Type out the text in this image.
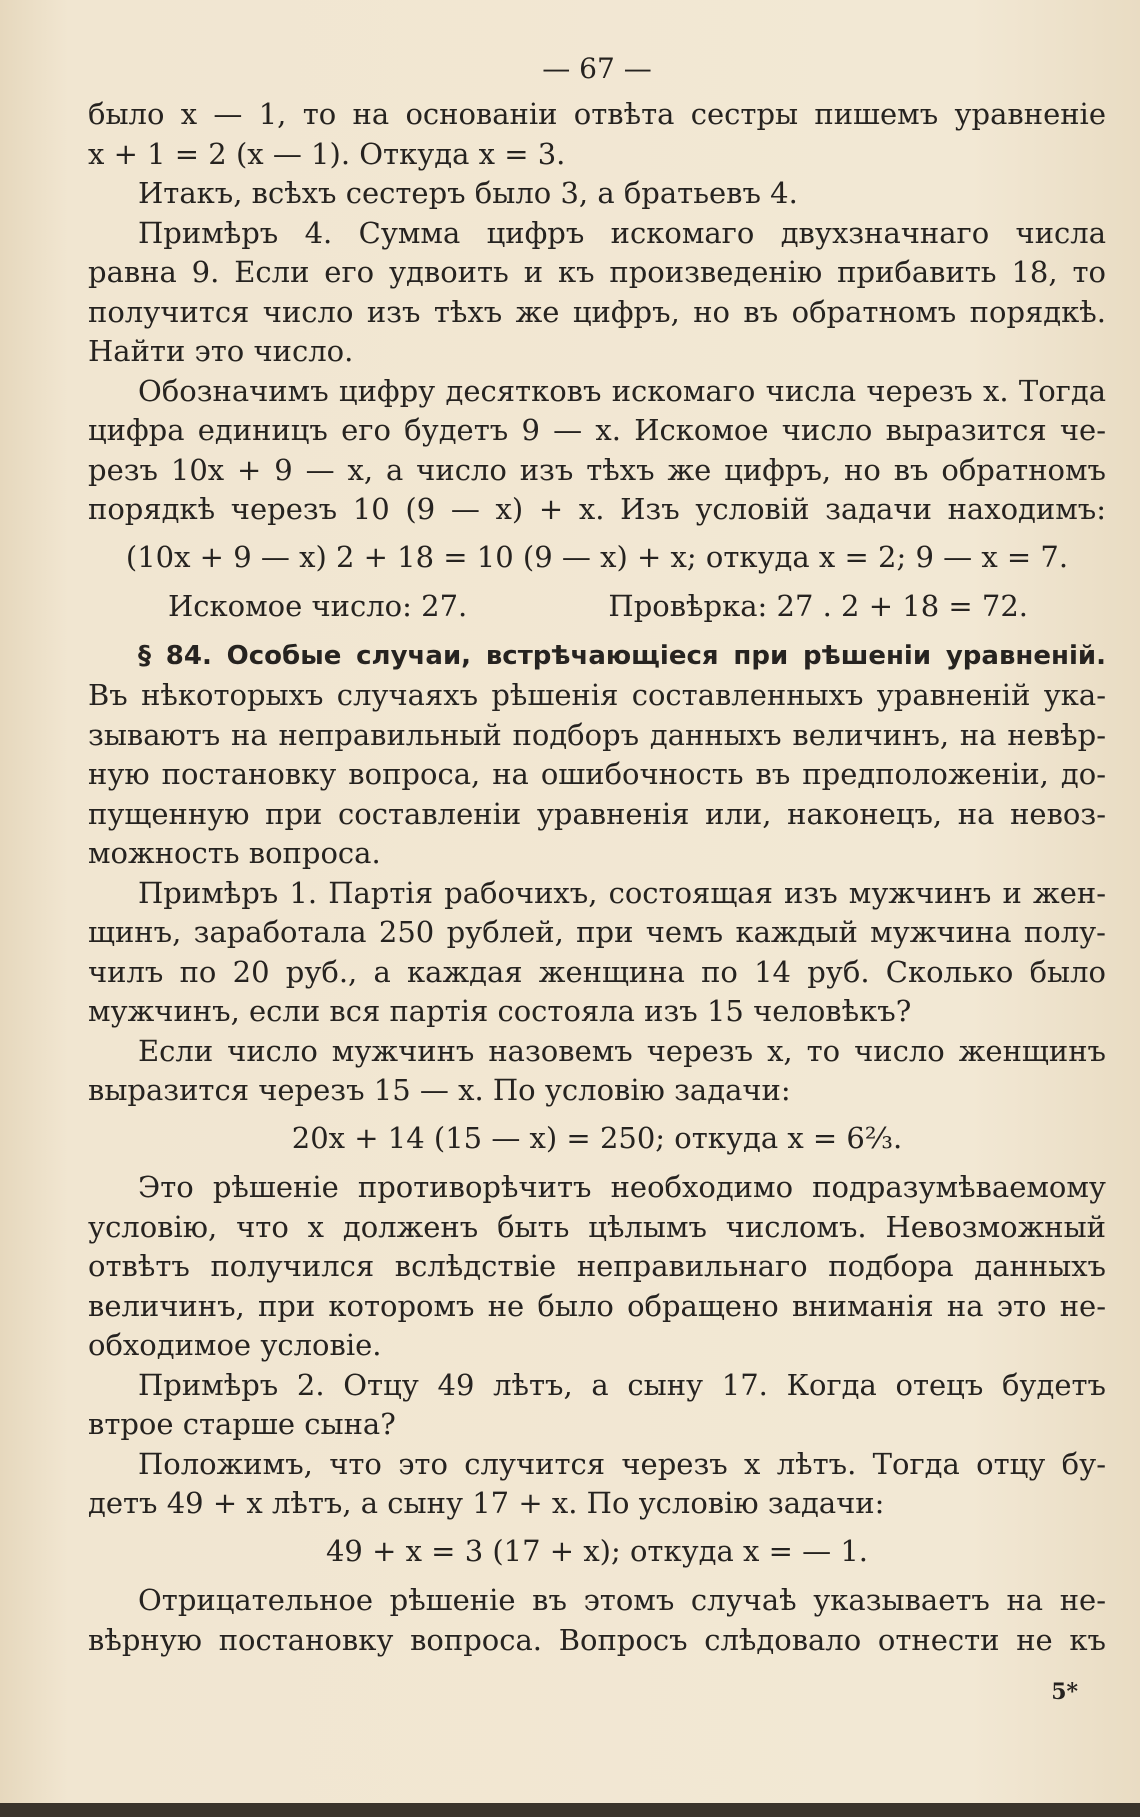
— 67 —
было x — 1, то на основаніи отвѣта сестры пишемъ уравненіе
x + 1 = 2 (x — 1). Откуда x = 3.
Итакъ, всѣхъ сестеръ было 3, а братьевъ 4.
Примѣръ 4. Сумма цифръ искомаго двухзначнаго числа
равна 9. Если его удвоить и къ произведенію прибавить 18, то
получится число изъ тѣхъ же цифръ, но въ обратномъ порядкѣ.
Найти это число.
Обозначимъ цифру десятковъ искомаго числа черезъ x. Тогда
цифра единицъ его будетъ 9 — x. Искомое число выразится че-
резъ 10x + 9 — x, а число изъ тѣхъ же цифръ, но въ обратномъ
порядкѣ черезъ 10 (9 — x) + x. Изъ условій задачи находимъ:
(10x + 9 — x) 2 + 18 = 10 (9 — x) + x; откуда x = 2; 9 — x = 7.
Искомое число: 27.	Провѣрка: 27 . 2 + 18 = 72.
§ 84. Особые случаи, встрѣчающіеся при рѣшеніи уравненій.
Въ нѣкоторыхъ случаяхъ рѣшенія составленныхъ уравненій ука-
зываютъ на неправильный подборъ данныхъ величинъ, на невѣр-
ную постановку вопроса, на ошибочность въ предположеніи, до-
пущенную при составленіи уравненія или, наконецъ, на невоз-
можность вопроса.
Примѣръ 1. Партія рабочихъ, состоящая изъ мужчинъ и жен-
щинъ, заработала 250 рублей, при чемъ каждый мужчина полу-
чилъ по 20 руб., а каждая женщина по 14 руб. Сколько было
мужчинъ, если вся партія состояла изъ 15 человѣкъ?
Если число мужчинъ назовемъ черезъ x, то число женщинъ
выразится черезъ 15 — x. По условію задачи:
20x + 14 (15 — x) = 250; откуда x = 6⅔.
Это рѣшеніе противорѣчитъ необходимо подразумѣваемому
условію, что x долженъ быть цѣлымъ числомъ. Невозможный
отвѣтъ получился вслѣдствіе неправильнаго подбора данныхъ
величинъ, при которомъ не было обращено вниманія на это не-
обходимое условіе.
Примѣръ 2. Отцу 49 лѣтъ, а сыну 17. Когда отецъ будетъ
втрое старше сына?
Положимъ, что это случится черезъ x лѣтъ. Тогда отцу бу-
детъ 49 + x лѣтъ, а сыну 17 + x. По условію задачи:
49 + x = 3 (17 + x); откуда x = — 1.
Отрицательное рѣшеніе въ этомъ случаѣ указываетъ на не-
вѣрную постановку вопроса. Вопросъ слѣдовало отнести не къ
5*
